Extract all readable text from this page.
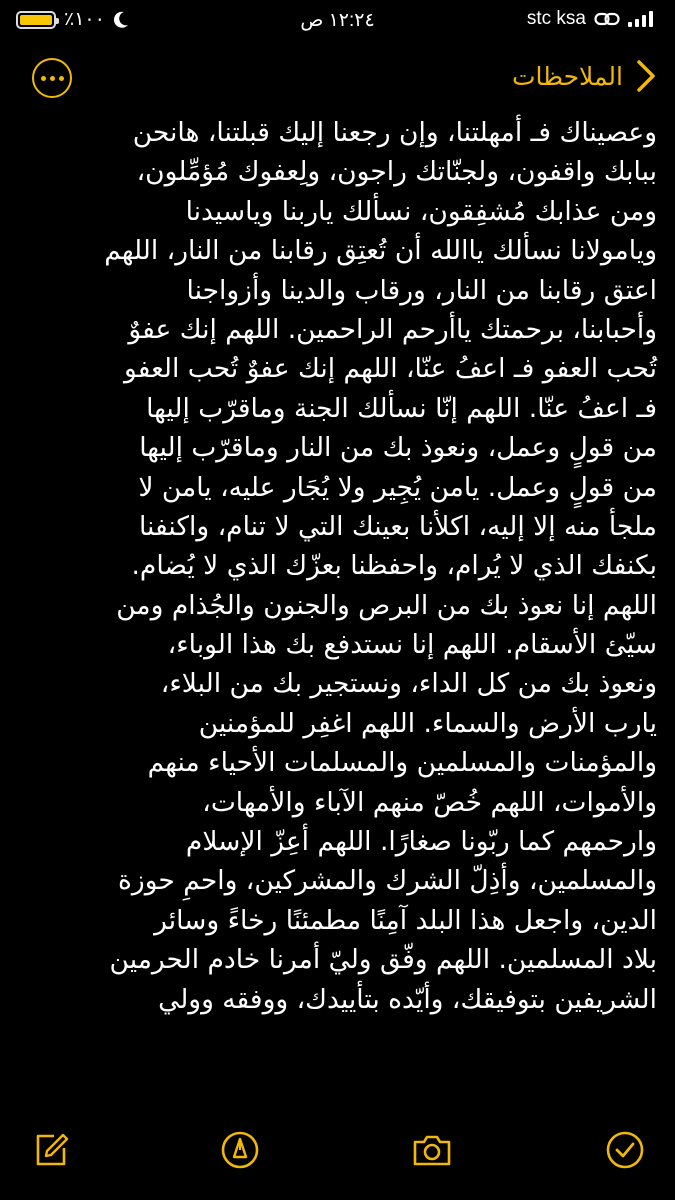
stc ksa
١٢:٢٤ ص
٪١٠٠
الملاحظات
وعصيناك فـ أمهلتنا، وإن رجعنا إليك قبلتنا، هانحن
ببابك واقفون، ولجنّاتك راجون، ولِعفوك مُؤمِّلون،
ومن عذابك مُشفِقون، نسألك ياربنا وياسيدنا
ويامولانا نسألك ياالله أن تُعتِق رقابنا من النار، اللهم
اعتق رقابنا من النار، ورقاب والدينا وأزواجنا
وأحبابنا، برحمتك ياأرحم الراحمين. اللهم إنك عفوٌ
تُحب العفو فـ اعفُ عنّا، اللهم إنك عفوٌ تُحب العفو
فـ اعفُ عنّا. اللهم إنّا نسألك الجنة وماقرّب إليها
من قولٍ وعمل، ونعوذ بك من النار وماقرّب إليها
من قولٍ وعمل. يامن يُجِير ولا يُجَار عليه، يامن لا
ملجأ منه إلا إليه، اكلأنا بعينك التي لا تنام، واكنفنا
بكنفك الذي لا يُرام، واحفظنا بعزّك الذي لا يُضام.
اللهم إنا نعوذ بك من البرص والجنون والجُذام ومن
سيّئ الأسقام. اللهم إنا نستدفع بك هذا الوباء،
ونعوذ بك من كل الداء، ونستجير بك من البلاء،
يارب الأرض والسماء. اللهم اغفِر للمؤمنين
والمؤمنات والمسلمين والمسلمات الأحياء منهم
والأموات، اللهم خُصّ منهم الآباء والأمهات،
وارحمهم كما ربّونا صغارًا. اللهم أعِزّ الإسلام
والمسلمين، وأذِلّ الشرك والمشركين، واحمِ حوزة
الدين، واجعل هذا البلد آمِنًا مطمئنًا رخاءً وسائر
بلاد المسلمين. اللهم وفّق وليّ أمرنا خادم الحرمين
الشريفين بتوفيقك، وأيّده بتأييدك، ووفقه وولي
